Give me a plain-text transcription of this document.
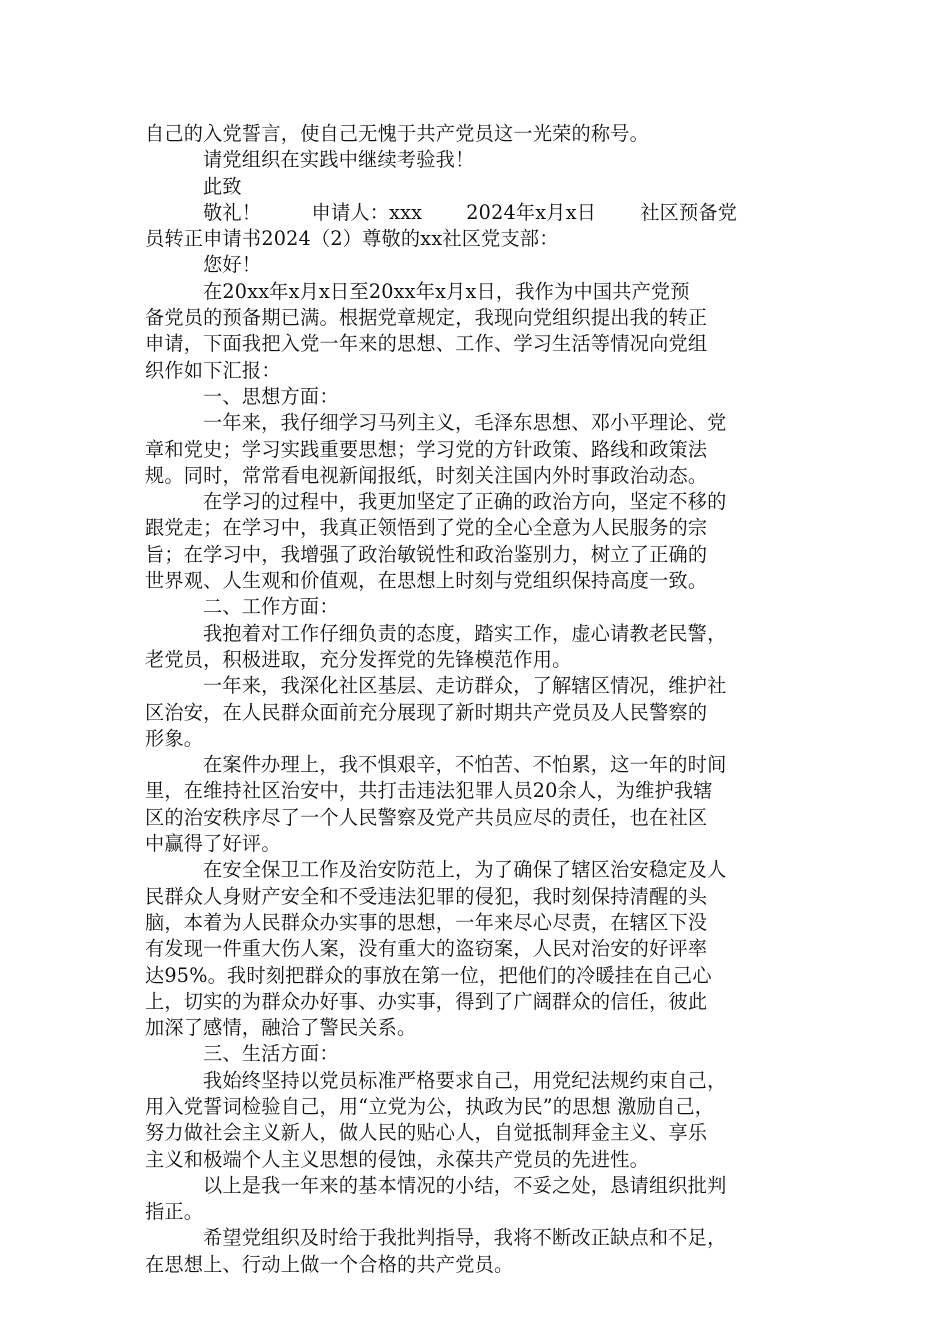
自己的入党誓言，使自己无愧于共产党员这一光荣的称号。
请党组织在实践中继续考验我！
此致
敬礼！        申请人：xxx       2024年x月x日       社区预备党
员转正申请书2024（2）尊敬的xx社区党支部：
您好！
在20xx年x月x日至20xx年x月x日，我作为中国共产党预
备党员的预备期已满。根据党章规定，我现向党组织提出我的转正
申请，下面我把入党一年来的思想、工作、学习生活等情况向党组
织作如下汇报：
一、思想方面：
一年来，我仔细学习马列主义，毛泽东思想、邓小平理论、党
章和党史；学习实践重要思想；学习党的方针政策、路线和政策法
规。同时，常常看电视新闻报纸，时刻关注国内外时事政治动态。
在学习的过程中，我更加坚定了正确的政治方向，坚定不移的
跟党走；在学习中，我真正领悟到了党的全心全意为人民服务的宗
旨；在学习中，我增强了政治敏锐性和政治鉴别力，树立了正确的
世界观、人生观和价值观，在思想上时刻与党组织保持高度一致。
二、工作方面：
我抱着对工作仔细负责的态度，踏实工作，虚心请教老民警，
老党员，积极进取，充分发挥党的先锋模范作用。
一年来，我深化社区基层、走访群众，了解辖区情况，维护社
区治安，在人民群众面前充分展现了新时期共产党员及人民警察的
形象。
在案件办理上，我不惧艰辛，不怕苦、不怕累，这一年的时间
里，在维持社区治安中，共打击违法犯罪人员20余人，为维护我辖
区的治安秩序尽了一个人民警察及党产共员应尽的责任，也在社区
中赢得了好评。
在安全保卫工作及治安防范上，为了确保了辖区治安稳定及人
民群众人身财产安全和不受违法犯罪的侵犯，我时刻保持清醒的头
脑，本着为人民群众办实事的思想，一年来尽心尽责，在辖区下没
有发现一件重大伤人案，没有重大的盗窃案，人民对治安的好评率
达95%。我时刻把群众的事放在第一位，把他们的冷暖挂在自己心
上，切实的为群众办好事、办实事，得到了广阔群众的信任，彼此
加深了感情，融洽了警民关系。
三、生活方面：
我始终坚持以党员标准严格要求自己，用党纪法规约束自己，
用入党誓词检验自己，用“立党为公，执政为民”的思想 激励自己，
努力做社会主义新人，做人民的贴心人，自觉抵制拜金主义、享乐
主义和极端个人主义思想的侵蚀，永葆共产党员的先进性。
以上是我一年来的基本情况的小结，不妥之处，恳请组织批判
指正。
希望党组织及时给于我批判指导，我将不断改正缺点和不足，
在思想上、行动上做一个合格的共产党员。
